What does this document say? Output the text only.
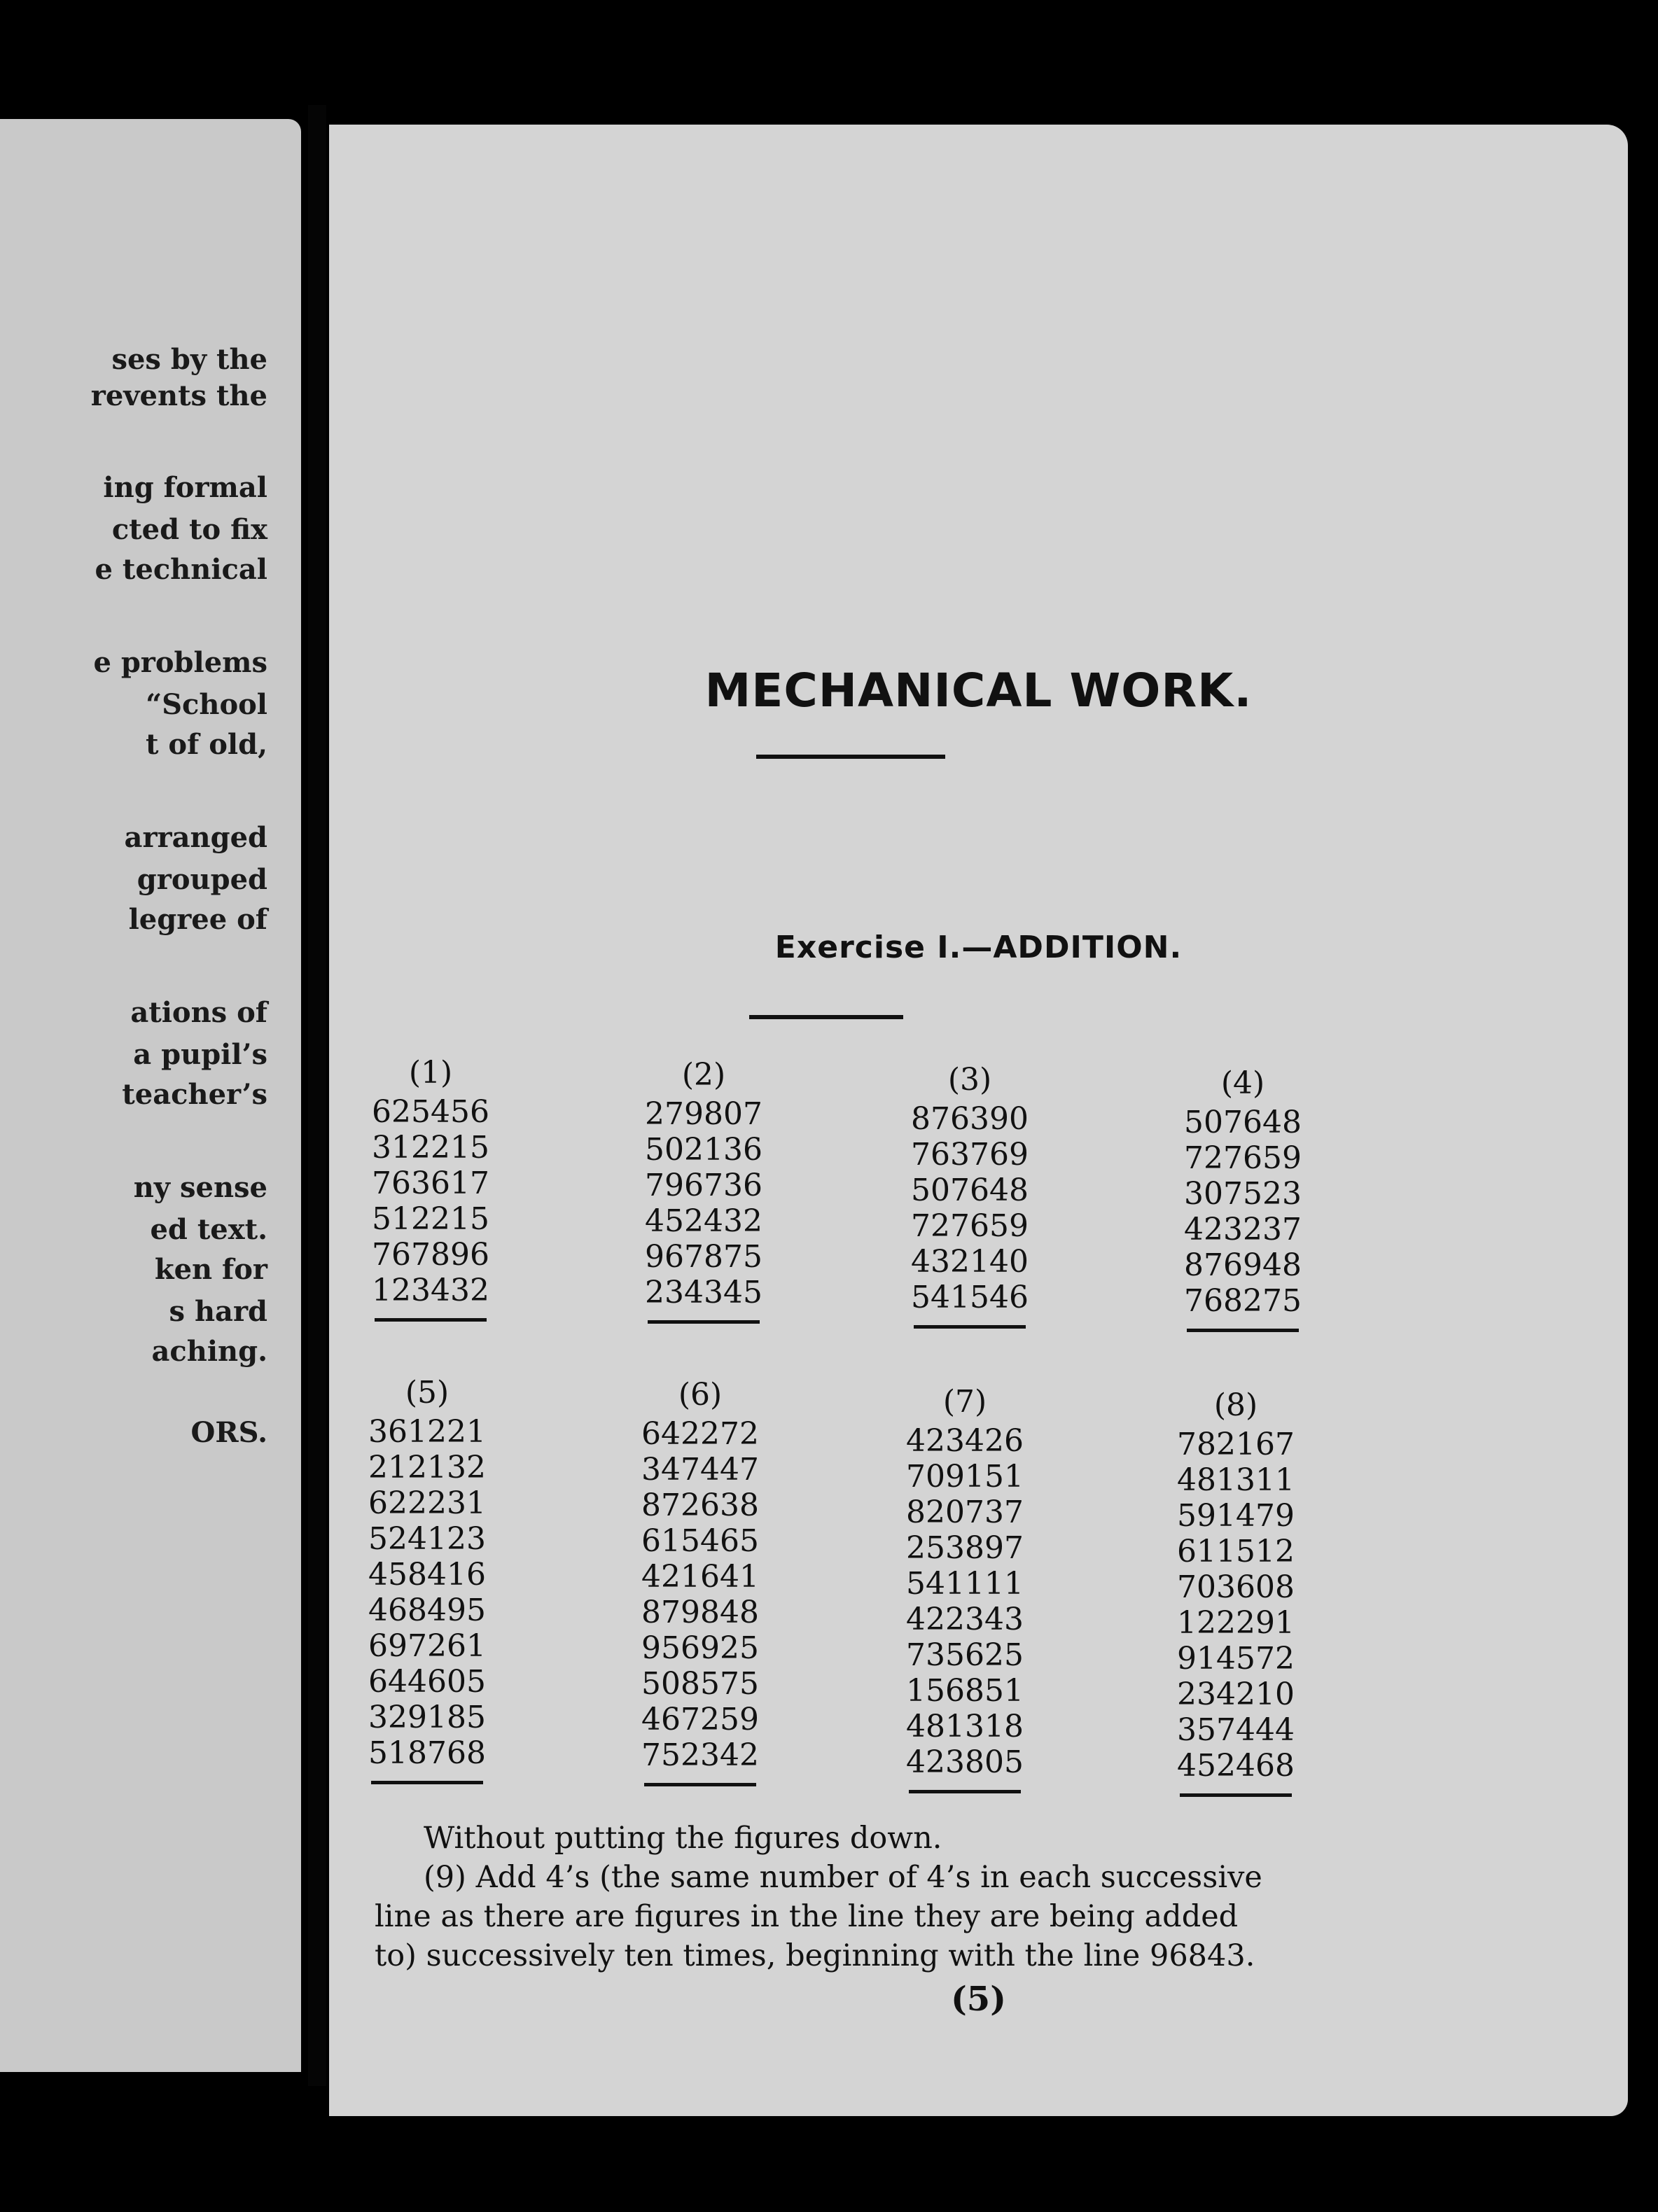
ses by the
revents the
ing formal
cted to fix
e technical
e problems
“School
t of old,
arranged
grouped
legree of
ations of
a pupil’s
teacher’s
ny sense
ed text.
ken for
s hard
aching.
ORS.
MECHANICAL WORK.
Exercise I.—ADDITION.
(1)
625456
312215
763617
512215
767896
123432
(2)
279807
502136
796736
452432
967875
234345
(3)
876390
763769
507648
727659
432140
541546
(4)
507648
727659
307523
423237
876948
768275
(5)
361221
212132
622231
524123
458416
468495
697261
644605
329185
518768
(6)
642272
347447
872638
615465
421641
879848
956925
508575
467259
752342
(7)
423426
709151
820737
253897
541111
422343
735625
156851
481318
423805
(8)
782167
481311
591479
611512
703608
122291
914572
234210
357444
452468
Without putting the figures down.
(9) Add 4’s (the same number of 4’s in each successive
line as there are figures in the line they are being added
to) successively ten times, beginning with the line 96843.
(5)
